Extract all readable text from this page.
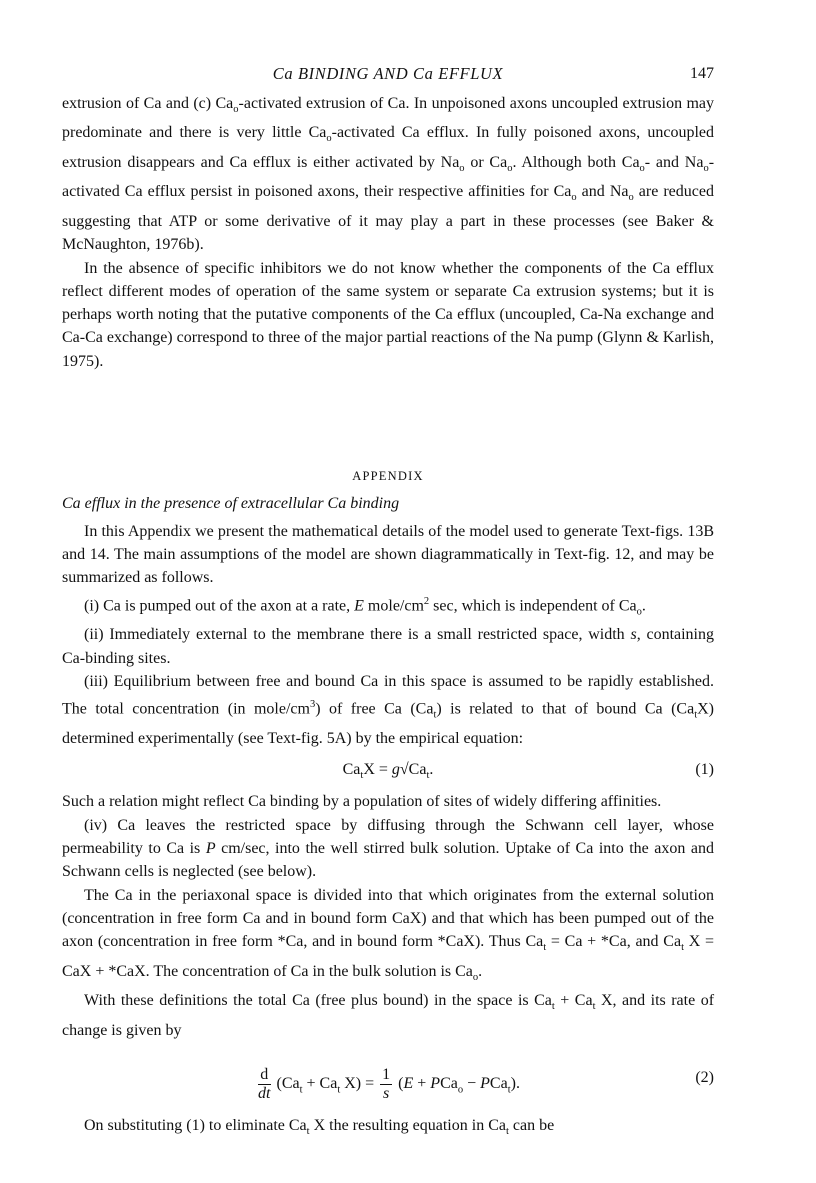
Ca BINDING AND Ca EFFLUX	147

extrusion of Ca and (c) $Ca_o$-activated extrusion of Ca. In unpoisoned axons uncoupled extrusion may predominate and there is very little $Ca_o$-activated Ca efflux. In fully poisoned axons, uncoupled extrusion disappears and Ca efflux is either activated by $Na_o$ or $Ca_o$. Although both $Ca_o-$ and $Na_o$-activated Ca efflux persist in poisoned axons, their respective affinities for $Ca_o$ and $Na_o$ are reduced suggesting that ATP or some derivative of it may play a part in these processes (see Baker & McNaughton, 1976b).

In the absence of specific inhibitors we do not know whether the components of the Ca efflux reflect different modes of operation of the same system or separate Ca extrusion systems; but it is perhaps worth noting that the putative components of the Ca efflux (uncoupled, Ca-Na exchange and Ca-Ca exchange) correspond to three of the major partial reactions of the Na pump (Glynn & Karlish, 1975).

APPENDIX
Ca efflux in the presence of extracellular Ca binding

In this Appendix we present the mathematical details of the model used to generate Text-figs. 13B and 14. The main assumptions of the model are shown diagrammatically in Text-fig. 12, and may be summarized as follows.

(i) Ca is pumped out of the axon at a rate, E mole/$cm^2$ sec, which is independent of $Ca_o$.

(ii) Immediately external to the membrane there is a small restricted space, width s, containing Ca-binding sites.

(iii) Equilibrium between free and bound Ca in this space is assumed to be rapidly established. The total concentration (in mole/$cm^3$) of free Ca $(Ca_t)$ is related to that of bound Ca $(Ca_tX)$ determined experimentally (see Text-fig. 5A) by the empirical equation:

$Ca_tX = g√Ca_t$.	(1)

Such a relation might reflect Ca binding by a population of sites of widely differing affinities.

(iv) Ca leaves the restricted space by diffusing through the Schwann cell layer, whose permeability to Ca is P cm/sec, into the well stirred bulk solution. Uptake of Ca into the axon and Schwann cells is neglected (see below).

The Ca in the periaxonal space is divided into that which originates from the external solution (concentration in free form Ca and in bound form CaX) and that which has been pumped out of the axon (concentration in free form *Ca, and in bound form *CaX). Thus $Ca_t = Ca + *Ca$, and $Ca_t$ X = CaX + *CaX. The concentration of Ca in the bulk solution is $Ca_o$.

With these definitions the total Ca (free plus bound) in the space is $Ca_t + Ca_t$ X, and its rate of change is given by

$\frac{d}{dt} (Ca_t + Ca_t$ $X) = \frac{1}{s} (E + PCa_o - PCa_t)$.	(2)

On substituting (1) to eliminate $Ca_t$ X the resulting equation in $Ca_t$ can be
